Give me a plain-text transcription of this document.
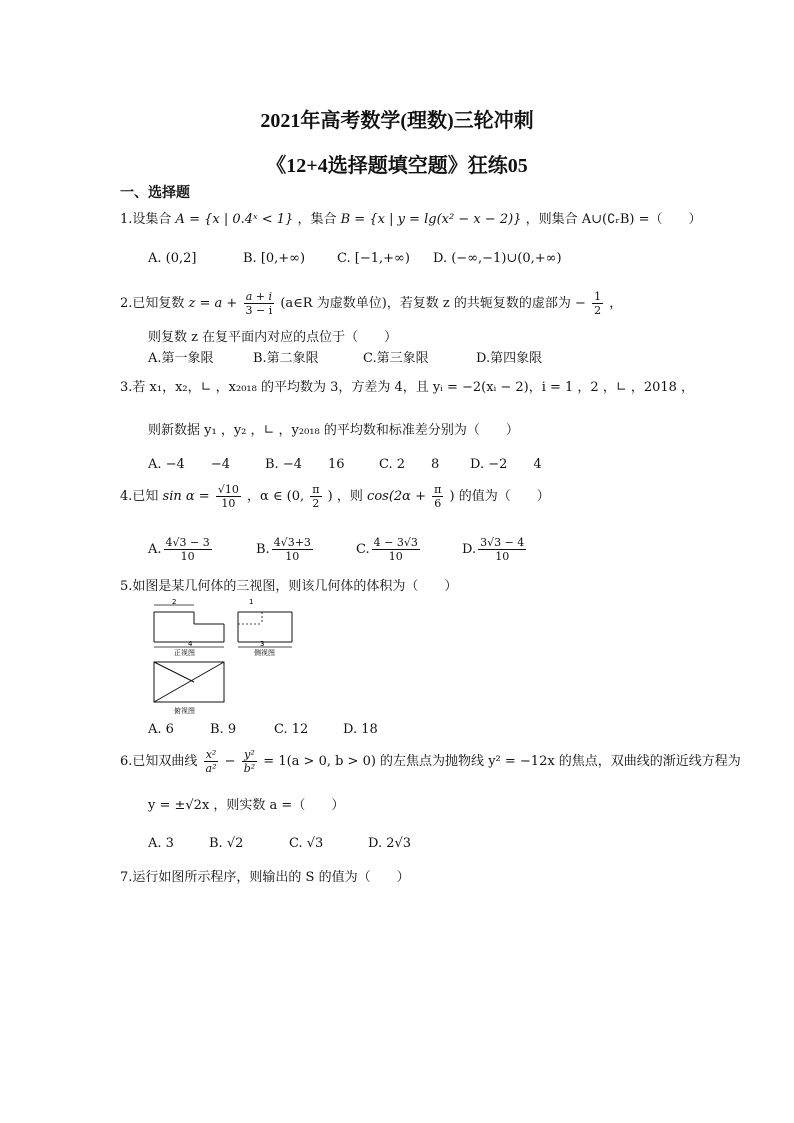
2021年高考数学(理数)三轮冲刺
《12+4选择题填空题》狂练05
一、选择题
1.设集合 A = {x | 0.4ˣ < 1} ，集合 B = {x | y = lg(x² − x − 2)} ，则集合 A∪(∁ᵣB) =（　　）
A. (0,2]	B. [0,+∞) C. [−1,+∞) D. (−∞,−1)∪(0,+∞)
2.已知复数 $z = a + \frac{a + i}{3 - i}$ (a∈R 为虚数单位)，若复数 z 的共轭复数的虚部为 − $\frac{1}{2}$ ，
则复数 z 在复平面内对应的点位于（　　）
A.第一象限	B.第二象限	C.第三象限	D.第四象限
3.若 x₁，x₂，∟ ，x₂₀₁₈ 的平均数为 3，方差为 4，且 yᵢ = −2(xᵢ − 2)，i = 1 ，2 ，∟ ，2018 ，
则新数据 y₁ ，y₂ ，∟ ，y₂₀₁₈ 的平均数和标准差分别为（　　）
A. −4　　−4	B. −4　　16	C. 2　　8 D. −2　　4
4.已知 $\sin \alpha = \frac{√10}{10}$ ，α ∈ (0, $\frac{\pi}{2}$ ) ，则 $\cos(2\alpha + \frac{\pi}{6}$ ) 的值为（　　）
A. $\frac{4√3 - 3}{10}$	B. $\frac{4√3+3}{10}$	C. $\frac{4 - 3√3}{10}$	D. $\frac{3√3 - 4}{10}$
5.如图是某几何体的三视图，则该几何体的体积为（　　）
2
4
正视图
1
3
侧视图
俯视图
A. 6	B. 9	C. 12	D. 18
6.已知双曲线 $\frac{\text{x²}}{\text{a²}} - \frac{\text{y²}}{\text{b²}} = 1(a > 0$, b > 0) 的左焦点为抛物线 y² = −12x 的焦点，双曲线的渐近线方程为
y = ±√2x ，则实数 a =（　　）
A. 3	B. √2	C. √3	D. 2√3
7.运行如图所示程序，则输出的 S 的值为（　　）
